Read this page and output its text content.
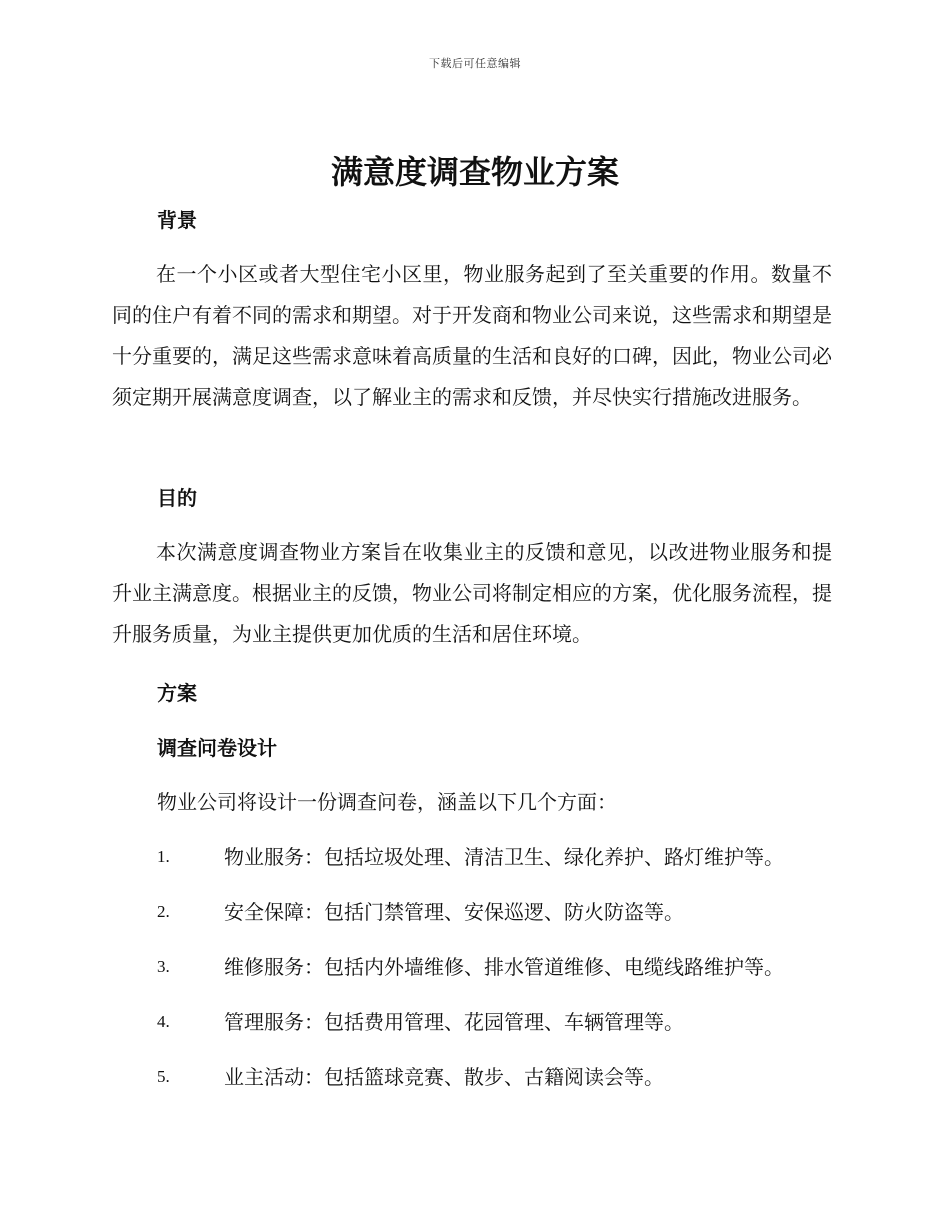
下载后可任意编辑
满意度调查物业方案
背景

在一个小区或者大型住宅小区里，物业服务起到了至关重要的作用。数量不同的住户有着不同的需求和期望。对于开发商和物业公司来说，这些需求和期望是十分重要的，满足这些需求意味着高质量的生活和良好的口碑，因此，物业公司必须定期开展满意度调查，以了解业主的需求和反馈，并尽快实行措施改进服务。

目的

本次满意度调查物业方案旨在收集业主的反馈和意见，以改进物业服务和提升业主满意度。根据业主的反馈，物业公司将制定相应的方案，优化服务流程，提升服务质量，为业主提供更加优质的生活和居住环境。

方案
调查问卷设计
物业公司将设计一份调查问卷，涵盖以下几个方面：
1.	物业服务：包括垃圾处理、清洁卫生、绿化养护、路灯维护等。
2.	安全保障：包括门禁管理、安保巡逻、防火防盗等。
3.	维修服务：包括内外墙维修、排水管道维修、电缆线路维护等。
4.	管理服务：包括费用管理、花园管理、车辆管理等。
5.	业主活动：包括篮球竞赛、散步、古籍阅读会等。
